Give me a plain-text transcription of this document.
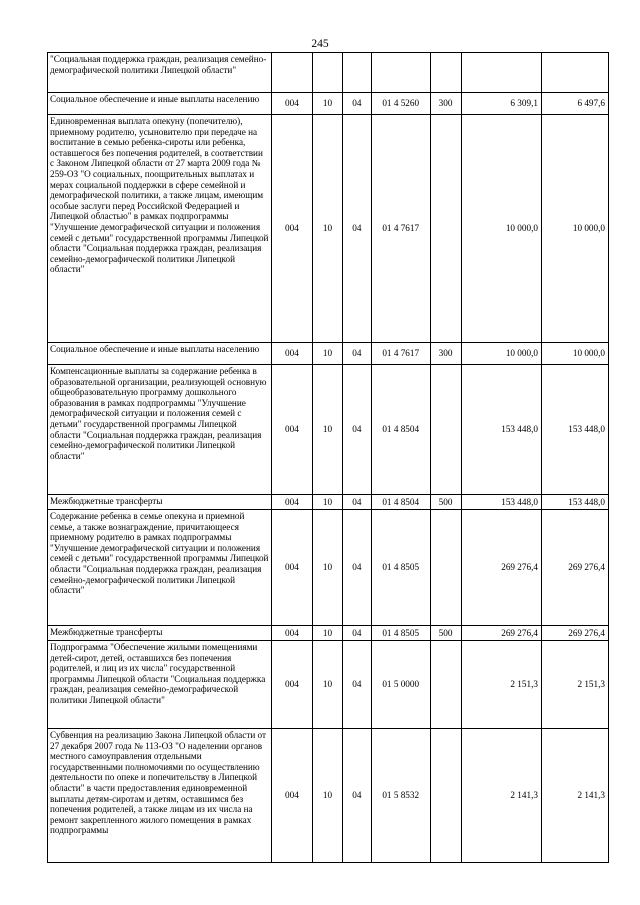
245
"Социальная поддержка граждан, реализация семейно-демографической политики Липецкой области"							
Социальное обеспечение и иные выплаты населению	004	10	04	01 4 5260	300	6 309,1	6 497,6
Единовременная выплата опекуну (попечителю), приемному родителю, усыновителю при передаче на воспитание в семью ребенка-сироты или ребенка, оставшегося без попечения родителей, в соответствии с Законом Липецкой области от 27 марта 2009 года № 259-ОЗ "О социальных, поощрительных выплатах и мерах социальной поддержки в сфере семейной и демографической политики, а также лицам, имеющим особые заслуги перед Российской Федерацией и Липецкой областью" в рамках подпрограммы "Улучшение демографической ситуации и положения семей с детьми" государственной программы Липецкой области "Социальная поддержка граждан, реализация семейно-демографической политики Липецкой области"	004	10	04	01 4 7617		10 000,0	10 000,0
Социальное обеспечение и иные выплаты населению	004	10	04	01 4 7617	300	10 000,0	10 000,0
Компенсационные выплаты за содержание ребенка в образовательной организации, реализующей основную общеобразовательную программу дошкольного образования в рамках подпрограммы "Улучшение демографической ситуации и положения семей с детьми" государственной программы Липецкой области "Социальная поддержка граждан, реализация семейно-демографической политики Липецкой области"	004	10	04	01 4 8504		153 448,0	153 448,0
Межбюджетные трансферты	004	10	04	01 4 8504	500	153 448,0	153 448,0
Содержание ребенка в семье опекуна и приемной семье, а также вознаграждение, причитающееся приемному родителю в рамках подпрограммы "Улучшение демографической ситуации и положения семей с детьми" государственной программы Липецкой области "Социальная поддержка граждан, реализация семейно-демографической политики Липецкой области"	004	10	04	01 4 8505		269 276,4	269 276,4
Межбюджетные трансферты	004	10	04	01 4 8505	500	269 276,4	269 276,4
Подпрограмма "Обеспечение жилыми помещениями детей-сирот, детей, оставшихся без попечения родителей, и лиц из их числа" государственной программы Липецкой области "Социальная поддержка граждан, реализация семейно-демографической политики Липецкой области"	004	10	04	01 5 0000		2 151,3	2 151,3
Субвенция на реализацию Закона Липецкой области от 27 декабря 2007 года № 113-ОЗ "О наделении органов местного самоуправления отдельными государственными полномочиями по осуществлению деятельности по опеке и попечительству в Липецкой области" в части предоставления единовременной выплаты детям-сиротам и детям, оставшимся без попечения родителей, а также лицам из их числа на ремонт закрепленного жилого помещения в рамках подпрограммы	004	10	04	01 5 8532		2 141,3	2 141,3
